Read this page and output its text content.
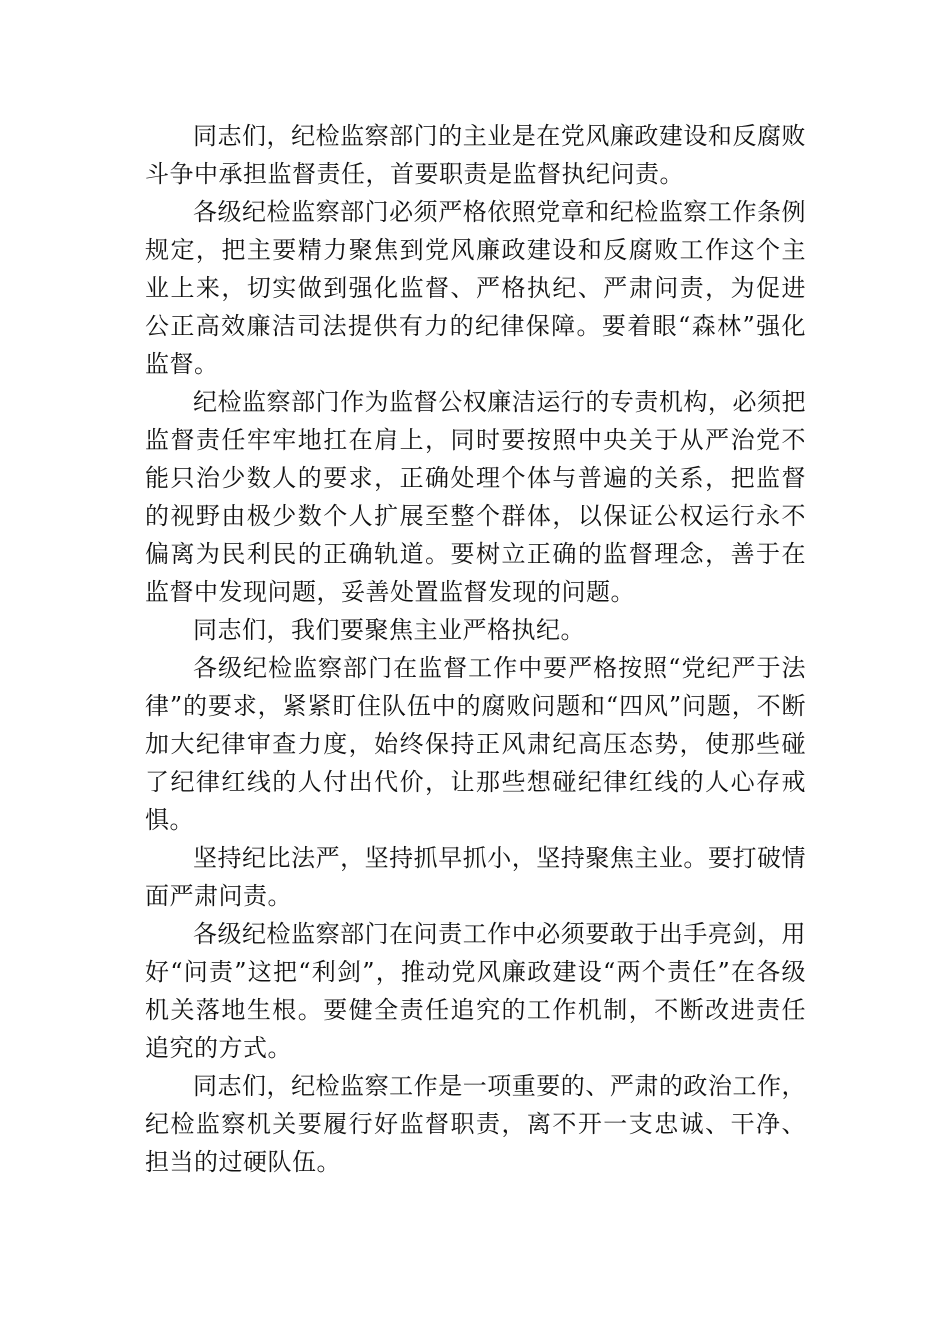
同志们，纪检监察部门的主业是在党风廉政建设和反腐败斗争中承担监督责任，首要职责是监督执纪问责。

各级纪检监察部门必须严格依照党章和纪检监察工作条例规定，把主要精力聚焦到党风廉政建设和反腐败工作这个主业上来，切实做到强化监督、严格执纪、严肃问责，为促进公正高效廉洁司法提供有力的纪律保障。要着眼“森林”强化监督。

纪检监察部门作为监督公权廉洁运行的专责机构，必须把监督责任牢牢地扛在肩上，同时要按照中央关于从严治党不能只治少数人的要求，正确处理个体与普遍的关系，把监督的视野由极少数个人扩展至整个群体，以保证公权运行永不偏离为民利民的正确轨道。要树立正确的监督理念，善于在监督中发现问题，妥善处置监督发现的问题。

同志们，我们要聚焦主业严格执纪。

各级纪检监察部门在监督工作中要严格按照“党纪严于法律”的要求，紧紧盯住队伍中的腐败问题和“四风”问题，不断加大纪律审查力度，始终保持正风肃纪高压态势，使那些碰了纪律红线的人付出代价，让那些想碰纪律红线的人心存戒惧。

坚持纪比法严，坚持抓早抓小，坚持聚焦主业。要打破情面严肃问责。

各级纪检监察部门在问责工作中必须要敢于出手亮剑，用好“问责”这把“利剑”，推动党风廉政建设“两个责任”在各级机关落地生根。要健全责任追究的工作机制，不断改进责任追究的方式。

同志们，纪检监察工作是一项重要的、严肃的政治工作，纪检监察机关要履行好监督职责，离不开一支忠诚、干净、担当的过硬队伍。
